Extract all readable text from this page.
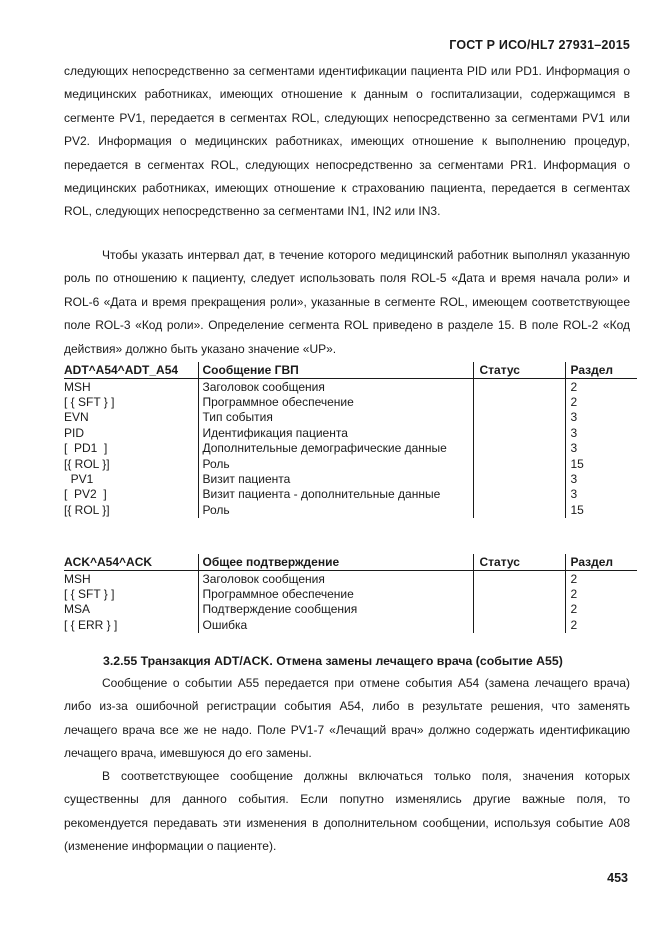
ГОСТ Р ИСО/HL7 27931–2015
следующих непосредственно за сегментами идентификации пациента PID или PD1. Информация о медицинских работниках, имеющих отношение к данным о госпитализации, содержащимся в сегменте PV1, передается в сегментах ROL, следующих непосредственно за сегментами PV1 или PV2. Информация о медицинских работниках, имеющих отношение к выполнению процедур, передается в сегментах ROL, следующих непосредственно за сегментами PR1. Информация о медицинских работниках, имеющих отношение к страхованию пациента, передается в сегментах ROL, следующих непосредственно за сегментами IN1, IN2 или IN3.
Чтобы указать интервал дат, в течение которого медицинский работник выполнял указанную роль по отношению к пациенту, следует использовать поля ROL-5 «Дата и время начала роли» и ROL-6 «Дата и время прекращения роли», указанные в сегменте ROL, имеющем соответствующее поле ROL-3 «Код роли». Определение сегмента ROL приведено в разделе 15. В поле ROL-2 «Код действия» должно быть указано значение «UP».
ADT^A54^ADT_A54	Сообщение ГВП	Статус	Раздел
MSH	Заголовок сообщения		2
[ { SFT } ]	Программное обеспечение		2
EVN	Тип события		3
PID	Идентификация пациента		3
[  PD1  ]	Дополнительные демографические данные		3
[{ ROL }]	Роль		15
PV1	Визит пациента		3
[  PV2  ]	Визит пациента - дополнительные данные		3
[{ ROL }]	Роль		15
ACK^A54^ACK	Общее подтверждение	Статус	Раздел
MSH	Заголовок сообщения		2
[ { SFT } ]	Программное обеспечение		2
MSA	Подтверждение сообщения		2
[ { ERR } ]	Ошибка		2
3.2.55 Транзакция ADT/ACK. Отмена замены лечащего врача (событие A55)
Сообщение о событии A55 передается при отмене события A54 (замена лечащего врача) либо из-за ошибочной регистрации события A54, либо в результате решения, что заменять лечащего врача все же не надо. Поле PV1-7 «Лечащий врач» должно содержать идентификацию лечащего врача, имевшуюся до его замены.
В соответствующее сообщение должны включаться только поля, значения которых существенны для данного события. Если попутно изменялись другие важные поля, то рекомендуется передавать эти изменения в дополнительном сообщении, используя событие A08 (изменение информации о пациенте).
453
